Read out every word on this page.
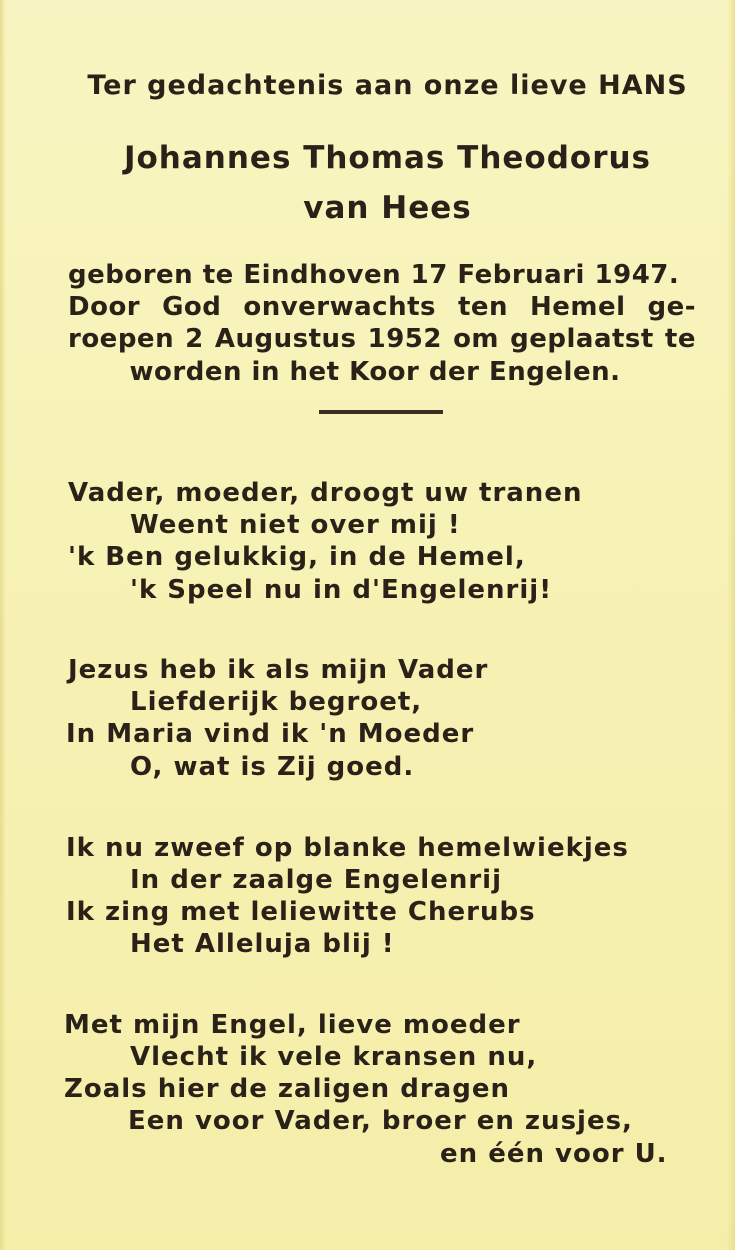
Ter gedachtenis aan onze lieve HANS
Johannes Thomas Theodorus
van Hees
geboren te Eindhoven 17 Februari 1947.
Door God onverwachts ten Hemel ge-
roepen 2 Augustus 1952 om geplaatst te
worden in het Koor der Engelen.
Vader, moeder, droogt uw tranen
Weent niet over mij !
'k Ben gelukkig, in de Hemel,
'k Speel nu in d'Engelenrij!
Jezus heb ik als mijn Vader
Liefderijk begroet,
In Maria vind ik 'n Moeder
O, wat is Zij goed.
Ik nu zweef op blanke hemelwiekjes
In der zaalge Engelenrij
Ik zing met leliewitte Cherubs
Het Alleluja blij !
Met mijn Engel, lieve moeder
Vlecht ik vele kransen nu,
Zoals hier de zaligen dragen
Een voor Vader, broer en zusjes,
en één voor U.
